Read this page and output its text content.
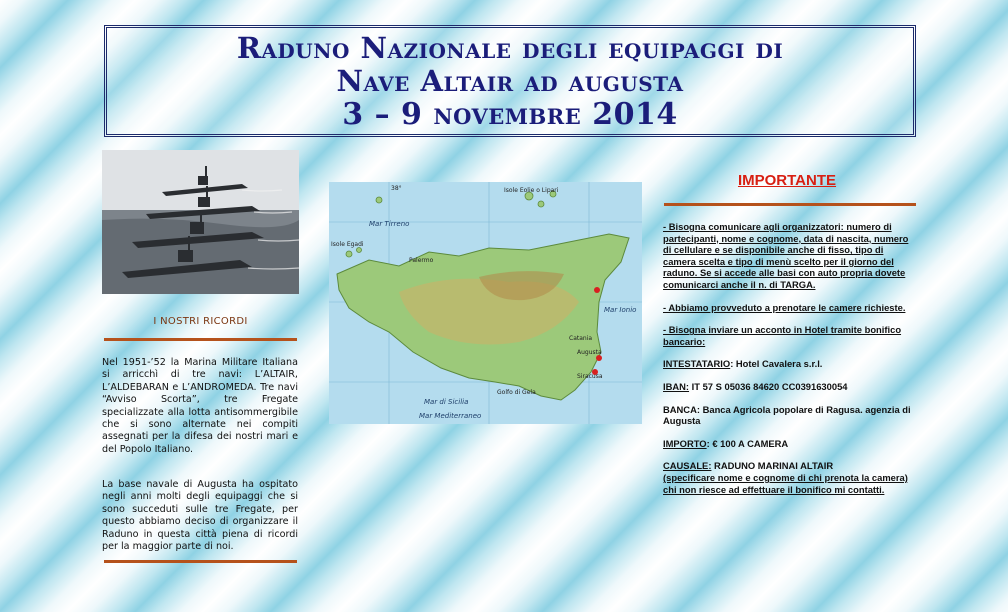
Raduno Nazionale degli equipaggi di
Nave Altair ad augusta
3 – 9 novembre 2014
I NOSTRI RICORDI

Nel 1951-’52 la Marina Militare Italiana si arricchì di tre navi: L’ALTAIR, L’ALDEBARAN e L’ANDROMEDA. Tre navi “Avviso Scorta”, tre Fregate specializzate alla lotta antisommergibile che si sono alternate nei compiti assegnati per la difesa dei nostri mari e del Popolo Italiano.

La base navale di Augusta ha ospitato negli anni molti degli equipaggi che si sono succeduti sulle tre Fregate, per questo abbiamo deciso di organizzare il Raduno in questa città piena di ricordi per la maggior parte di noi.

Mar Tirreno
Mar Ionio
Mar di Sicilia
Mar Mediterraneo
Isole Eolie o Lipari
Isole Egadi
Palermo
Catania
Augusta
Siracusa
Golfo di Gela
38°	IMPORTANTE

- Bisogna comunicare agli organizzatori: numero di partecipanti, nome e cognome, data di nascita, numero di cellulare e se disponibile anche di fisso, tipo di camera scelta e tipo di menù scelto per il giorno del raduno. Se si accede alle basi con auto propria dovete comunicarci anche il n. di TARGA.

- Abbiamo provveduto a prenotare le camere richieste.

- Bisogna inviare un acconto in Hotel tramite bonifico bancario:

INTESTATARIO: Hotel Cavalera s.r.l.

IBAN: IT 57 S 05036 84620 CC0391630054

BANCA: Banca Agricola popolare di Ragusa. agenzia di Augusta

IMPORTO: € 100 A CAMERA

CAUSALE: RADUNO MARINAI ALTAIR
(specificare nome e cognome di chi prenota la camera) chi non riesce ad effettuare il bonifico mi contatti.
